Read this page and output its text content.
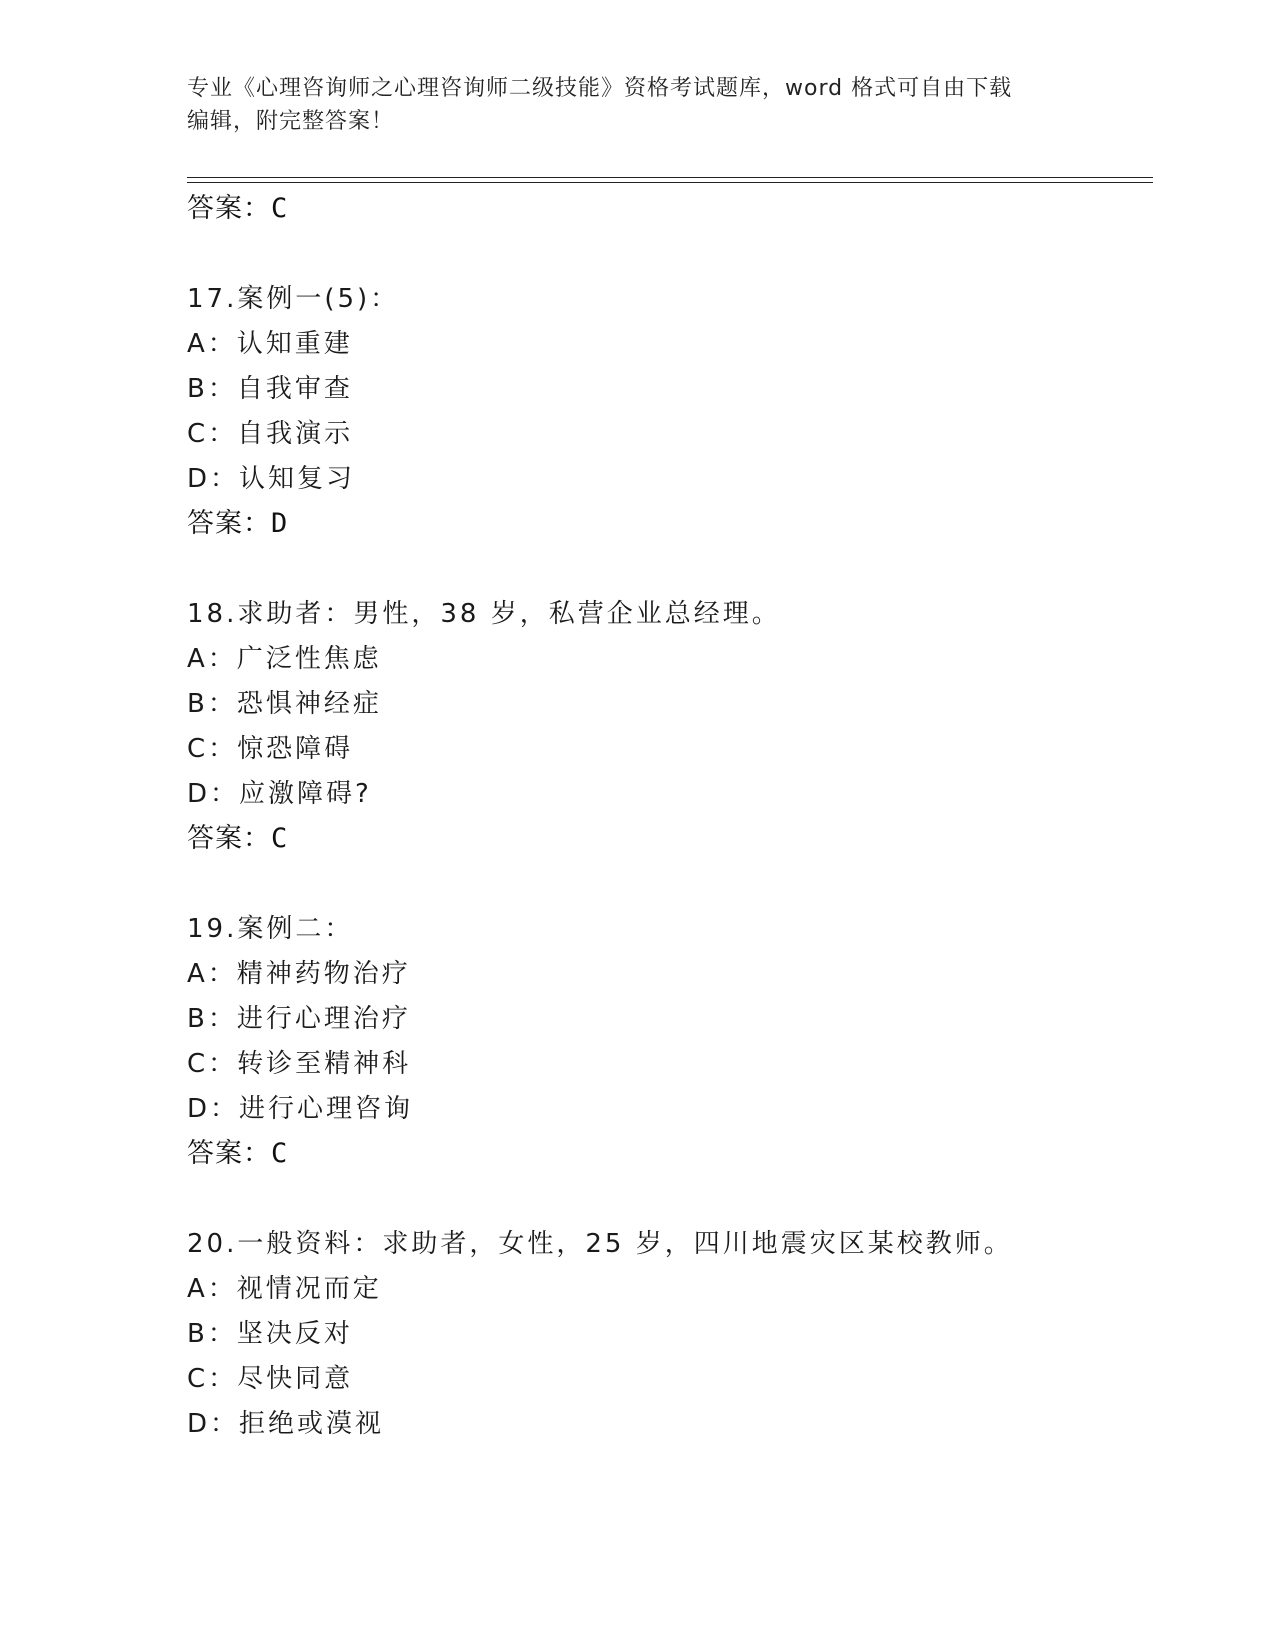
专业《心理咨询师之心理咨询师二级技能》资格考试题库，word 格式可自由下载
编辑，附完整答案！
答案：C
17.案例一(5)：
A：认知重建
B：自我审查
C：自我演示
D：认知复习
答案：D
18.求助者：男性，38 岁，私营企业总经理。
A：广泛性焦虑
B：恐惧神经症
C：惊恐障碍
D：应激障碍?
答案：C
19.案例二：
A：精神药物治疗
B：进行心理治疗
C：转诊至精神科
D：进行心理咨询
答案：C
20.一般资料：求助者，女性，25 岁，四川地震灾区某校教师。
A：视情况而定
B：坚决反对
C：尽快同意
D：拒绝或漠视
